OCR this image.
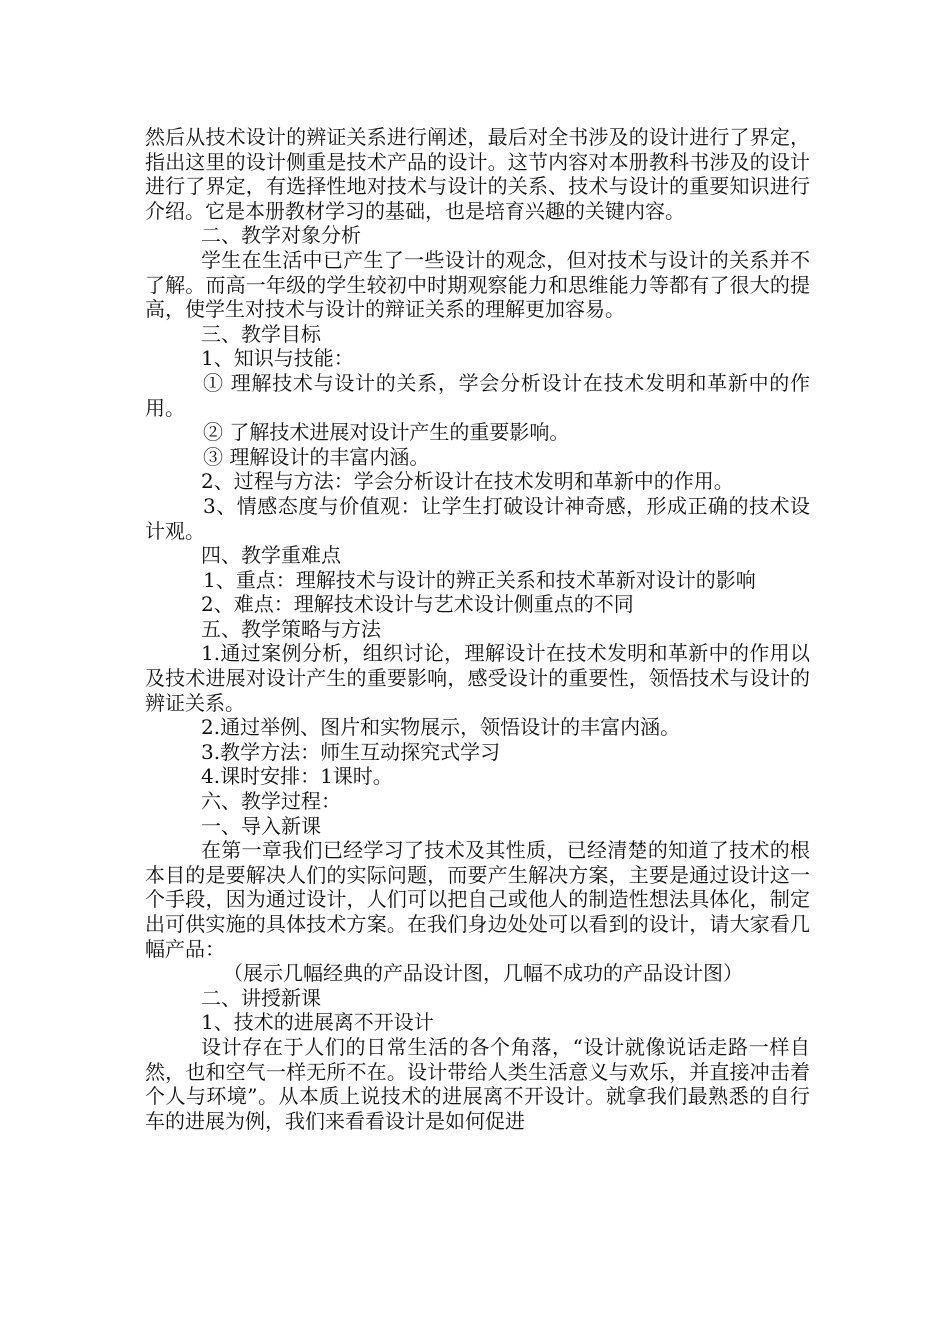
然后从技术设计的辨证关系进行阐述，最后对全书涉及的设计进行了界定，指出这里的设计侧重是技术产品的设计。这节内容对本册教科书涉及的设计进行了界定，有选择性地对技术与设计的关系、技术与设计的重要知识进行介绍。它是本册教材学习的基础，也是培育兴趣的关键内容。

二、教学对象分析

学生在生活中已产生了一些设计的观念，但对技术与设计的关系并不了解。而高一年级的学生较初中时期观察能力和思维能力等都有了很大的提高，使学生对技术与设计的辩证关系的理解更加容易。

三、教学目标

1、知识与技能：

① 理解技术与设计的关系，学会分析设计在技术发明和革新中的作用。

② 了解技术进展对设计产生的重要影响。

③ 理解设计的丰富内涵。

2、过程与方法：学会分析设计在技术发明和革新中的作用。

3、情感态度与价值观：让学生打破设计神奇感，形成正确的技术设计观。

四、教学重难点

1、重点：理解技术与设计的辨正关系和技术革新对设计的影响

2、难点：理解技术设计与艺术设计侧重点的不同

五、教学策略与方法

1.通过案例分析，组织讨论，理解设计在技术发明和革新中的作用以及技术进展对设计产生的重要影响，感受设计的重要性，领悟技术与设计的辨证关系。

2.通过举例、图片和实物展示，领悟设计的丰富内涵。

3.教学方法：师生互动探究式学习

4.课时安排：1课时。

六、教学过程：

一、导入新课

在第一章我们已经学习了技术及其性质，已经清楚的知道了技术的根本目的是要解决人们的实际问题，而要产生解决方案，主要是通过设计这一个手段，因为通过设计，人们可以把自己或他人的制造性想法具体化，制定出可供实施的具体技术方案。在我们身边处处可以看到的设计，请大家看几幅产品：

（展示几幅经典的产品设计图，几幅不成功的产品设计图）

二、讲授新课

1、技术的进展离不开设计

设计存在于人们的日常生活的各个角落，“设计就像说话走路一样自然，也和空气一样无所不在。设计带给人类生活意义与欢乐，并直接冲击着个人与环境”。从本质上说技术的进展离不开设计。就拿我们最熟悉的自行车的进展为例，我们来看看设计是如何促进
